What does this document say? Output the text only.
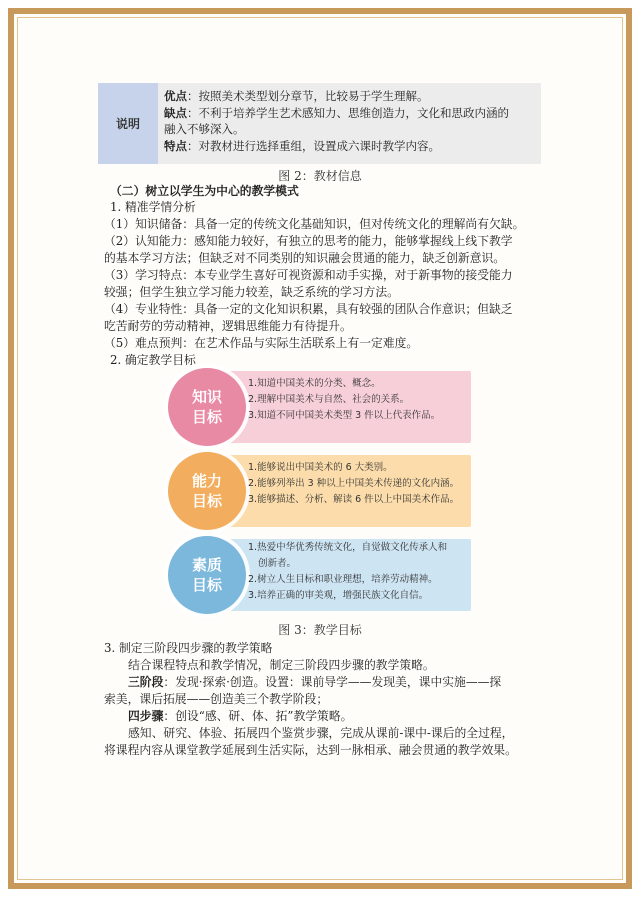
说明
优点：按照美术类型划分章节，比较易于学生理解。
缺点：不利于培养学生艺术感知力、思维创造力，文化和思政内涵的
融入不够深入。
特点：对教材进行选择重组，设置成六课时教学内容。
图 2：教材信息
（二）树立以学生为中心的教学模式
1. 精准学情分析
（1）知识储备：具备一定的传统文化基础知识，但对传统文化的理解尚有欠缺。
（2）认知能力：感知能力较好，有独立的思考的能力，能够掌握线上线下教学
的基本学习方法；但缺乏对不同类别的知识融会贯通的能力，缺乏创新意识。
（3）学习特点：本专业学生喜好可视资源和动手实操，对于新事物的接受能力
较强；但学生独立学习能力较差，缺乏系统的学习方法。
（4）专业特性：具备一定的文化知识积累，具有较强的团队合作意识；但缺乏
吃苦耐劳的劳动精神，逻辑思维能力有待提升。
（5）难点预判：在艺术作品与实际生活联系上有一定难度。
2. 确定教学目标
知识
目标
1.知道中国美术的分类、概念。
2.理解中国美术与自然、社会的关系。
3.知道不同中国美术类型 3 件以上代表作品。
能力
目标
1.能够说出中国美术的 6 大类别。
2.能够列举出 3 种以上中国美术传递的文化内涵。
3.能够描述、分析、解读 6 件以上中国美术作品。
素质
目标
1.热爱中华优秀传统文化，自觉做文化传承人和
创新者。
2.树立人生目标和职业理想，培养劳动精神。
3.培养正确的审美观，增强民族文化自信。
图 3：教学目标
3. 制定三阶段四步骤的教学策略
结合课程特点和教学情况，制定三阶段四步骤的教学策略。
三阶段：发现·探索·创造。设置：课前导学——发现美，课中实施——探
索美，课后拓展——创造美三个教学阶段；
四步骤：创设“感、研、体、拓”教学策略。
感知、研究、体验、拓展四个鉴赏步骤，完成从课前-课中-课后的全过程，
将课程内容从课堂教学延展到生活实际，达到一脉相承、融会贯通的教学效果。
